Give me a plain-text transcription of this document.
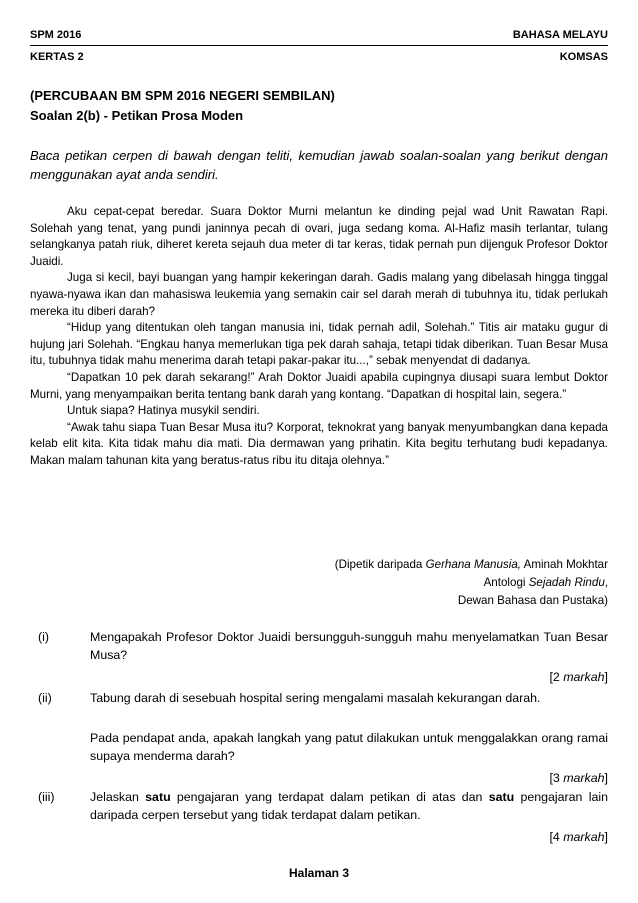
SPM 2016	BAHASA MELAYU
KERTAS 2	KOMSAS
(PERCUBAAN BM SPM 2016 NEGERI SEMBILAN)
Soalan 2(b) - Petikan Prosa Moden
Baca petikan cerpen di bawah dengan teliti, kemudian jawab soalan-soalan yang berikut dengan menggunakan ayat anda sendiri.

Aku cepat-cepat beredar. Suara Doktor Murni melantun ke dinding pejal wad Unit Rawatan Rapi. Solehah yang tenat, yang pundi janinnya pecah di ovari, juga sedang koma. Al-Hafiz masih terlantar, tulang selangkanya patah riuk, diheret kereta sejauh dua meter di tar keras, tidak pernah pun dijenguk Profesor Doktor Juaidi.

Juga si kecil, bayi buangan yang hampir kekeringan darah. Gadis malang yang dibelasah hingga tinggal nyawa-nyawa ikan dan mahasiswa leukemia yang semakin cair sel darah merah di tubuhnya itu, tidak perlukah mereka itu diberi darah?

“Hidup yang ditentukan oleh tangan manusia ini, tidak pernah adil, Solehah.” Titis air mataku gugur di hujung jari Solehah. “Engkau hanya memerlukan tiga pek darah sahaja, tetapi tidak diberikan. Tuan Besar Musa itu, tubuhnya tidak mahu menerima darah tetapi pakar-pakar itu...,” sebak menyendat di dadanya.

“Dapatkan 10 pek darah sekarang!” Arah Doktor Juaidi apabila cupingnya diusapi suara lembut Doktor Murni, yang menyampaikan berita tentang bank darah yang kontang. “Dapatkan di hospital lain, segera.”

Untuk siapa? Hatinya musykil sendiri.

“Awak tahu siapa Tuan Besar Musa itu? Korporat, teknokrat yang banyak menyumbangkan dana kepada kelab elit kita. Kita tidak mahu dia mati. Dia dermawan yang prihatin. Kita begitu terhutang budi kepadanya. Makan malam tahunan kita yang beratus-ratus ribu itu ditaja olehnya.”

(Dipetik daripada Gerhana Manusia, Aminah Mokhtar
Antologi Sejadah Rindu,
Dewan Bahasa dan Pustaka)
(i)	Mengapakah Profesor Doktor Juaidi bersungguh-sungguh mahu menyelamatkan Tuan Besar Musa?
[2 markah]
(ii)	Tabung darah di sesebuah hospital sering mengalami masalah kekurangan darah.
Pada pendapat anda, apakah langkah yang patut dilakukan untuk menggalakkan orang ramai supaya menderma darah?
[3 markah]
(iii)	Jelaskan satu pengajaran yang terdapat dalam petikan di atas dan satu pengajaran lain daripada cerpen tersebut yang tidak terdapat dalam petikan.
[4 markah]
Halaman 3
